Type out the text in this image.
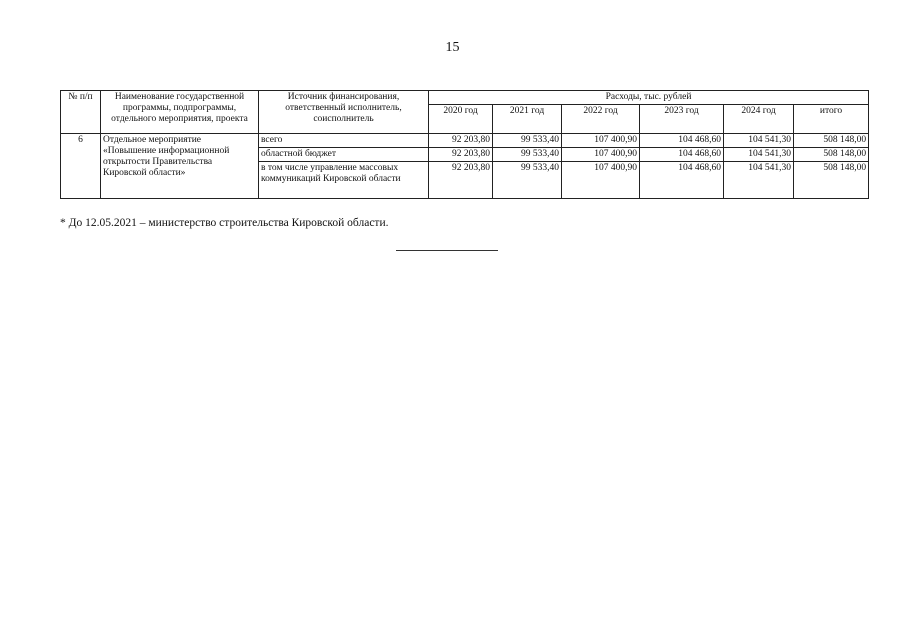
15
№ п/п	Наименование государственной программы, подпрограммы, отдельного мероприятия, проекта	Источник финансирования, ответственный исполнитель, соисполнитель	Расходы, тыс. рублей					
			2020 год	2021 год	2022 год	2023 год	2024 год	итого
6	Отдельное мероприятие «Повышение информационной открытости Правительства Кировской области»	всего	92 203,80	99 533,40	107 400,90	104 468,60	104 541,30	508 148,00
		областной бюджет	92 203,80	99 533,40	107 400,90	104 468,60	104 541,30	508 148,00
		в том числе управление массовых коммуникаций Кировской области	92 203,80	99 533,40	107 400,90	104 468,60	104 541,30	508 148,00
* До 12.05.2021 – министерство строительства Кировской области.
